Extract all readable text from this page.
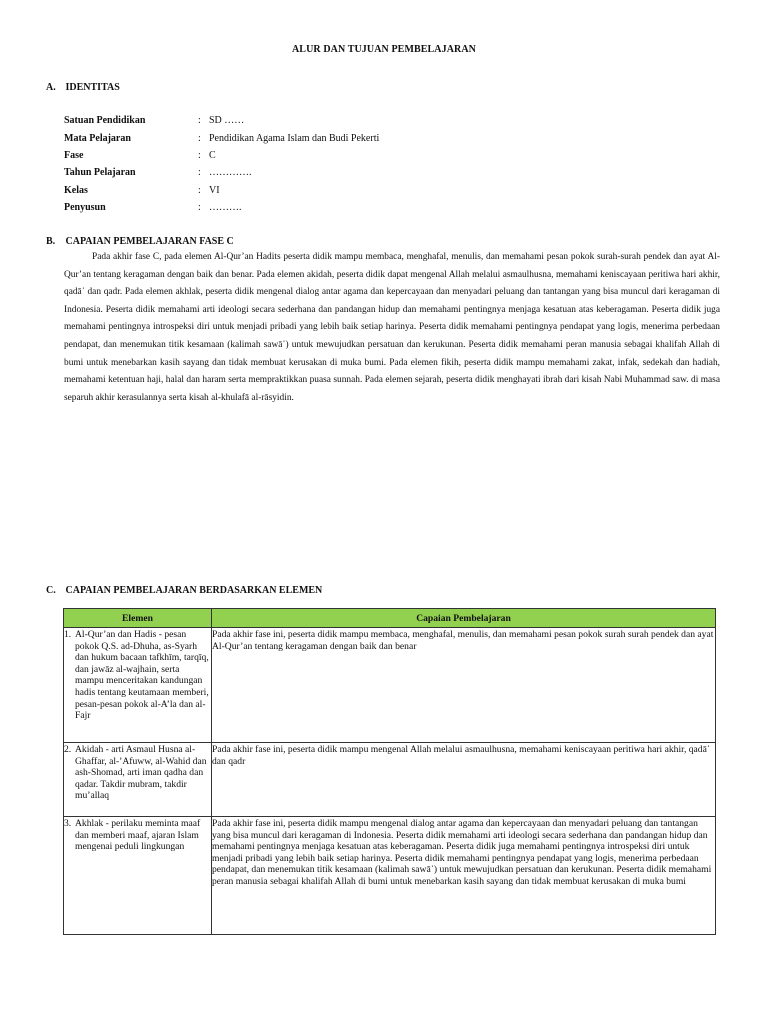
ALUR DAN TUJUAN PEMBELAJARAN
A. IDENTITAS
Satuan Pendidikan	: SD ……
Mata Pelajaran	: Pendidikan Agama Islam dan Budi Pekerti
Fase	: C
Tahun Pelajaran	: ………….
Kelas	: VI
Penyusun	: ……….
B. CAPAIAN PEMBELAJARAN FASE C
Pada akhir fase C, pada elemen Al-Qur’an Hadits peserta didik mampu membaca, menghafal, menulis, dan memahami pesan pokok surah-surah pendek dan ayat Al-Qur’an tentang keragaman dengan baik dan benar. Pada elemen akidah, peserta didik dapat mengenal Allah melalui asmaulhusna, memahami keniscayaan peritiwa hari akhir, qadā᾽ dan qadr. Pada elemen akhlak, peserta didik mengenal dialog antar agama dan kepercayaan dan menyadari peluang dan tantangan yang bisa muncul dari keragaman di Indonesia. Peserta didik memahami arti ideologi secara sederhana dan pandangan hidup dan memahami pentingnya menjaga kesatuan atas keberagaman. Peserta didik juga memahami pentingnya introspeksi diri untuk menjadi pribadi yang lebih baik setiap harinya. Peserta didik memahami pentingnya pendapat yang logis, menerima perbedaan pendapat, dan menemukan titik kesamaan (kalimah sawā᾽) untuk mewujudkan persatuan dan kerukunan. Peserta didik memahami peran manusia sebagai khalifah Allah di bumi untuk menebarkan kasih sayang dan tidak membuat kerusakan di muka bumi. Pada elemen fikih, peserta didik mampu memahami zakat, infak, sedekah dan hadiah, memahami ketentuan haji, halal dan haram serta mempraktikkan puasa sunnah. Pada elemen sejarah, peserta didik menghayati ibrah dari kisah Nabi Muhammad saw. di masa separuh akhir kerasulannya serta kisah al-khulafā al-rāsyidin.
C. CAPAIAN PEMBELAJARAN BERDASARKAN ELEMEN
Elemen	Capaian Pembelajaran

1. Al-Qur’an dan Hadis - pesan pokok Q.S. ad-Dhuha, as-Syarh dan hukum bacaan tafkhīm, tarqīq, dan jawāz al-wajhain, serta mampu menceritakan kandungan hadis tentang keutamaan memberi, pesan-pesan pokok al-A’la dan al-Fajr	Pada akhir fase ini, peserta didik mampu membaca, menghafal, menulis, dan memahami pesan pokok surah surah pendek dan ayat Al-Qur’an tentang keragaman dengan baik dan benar

2. Akidah - arti Asmaul Husna al-Ghaffar, al-’Afuww, al-Wahid dan ash-Shomad, arti iman qadha dan qadar. Takdir mubram, takdir mu’allaq	Pada akhir fase ini, peserta didik mampu mengenal Allah melalui asmaulhusna, memahami keniscayaan peritiwa hari akhir, qadā᾽ dan qadr

3. Akhlak - perilaku meminta maaf dan memberi maaf, ajaran Islam mengenai peduli lingkungan	Pada akhir fase ini, peserta didik mampu mengenal dialog antar agama dan kepercayaan dan menyadari peluang dan tantangan yang bisa muncul dari keragaman di Indonesia. Peserta didik memahami arti ideologi secara sederhana dan pandangan hidup dan memahami pentingnya menjaga kesatuan atas keberagaman. Peserta didik juga memahami pentingnya introspeksi diri untuk menjadi pribadi yang lebih baik setiap harinya. Peserta didik memahami pentingnya pendapat yang logis, menerima perbedaan pendapat, dan menemukan titik kesamaan (kalimah sawā᾽) untuk mewujudkan persatuan dan kerukunan. Peserta didik memahami peran manusia sebagai khalifah Allah di bumi untuk menebarkan kasih sayang dan tidak membuat kerusakan di muka bumi
